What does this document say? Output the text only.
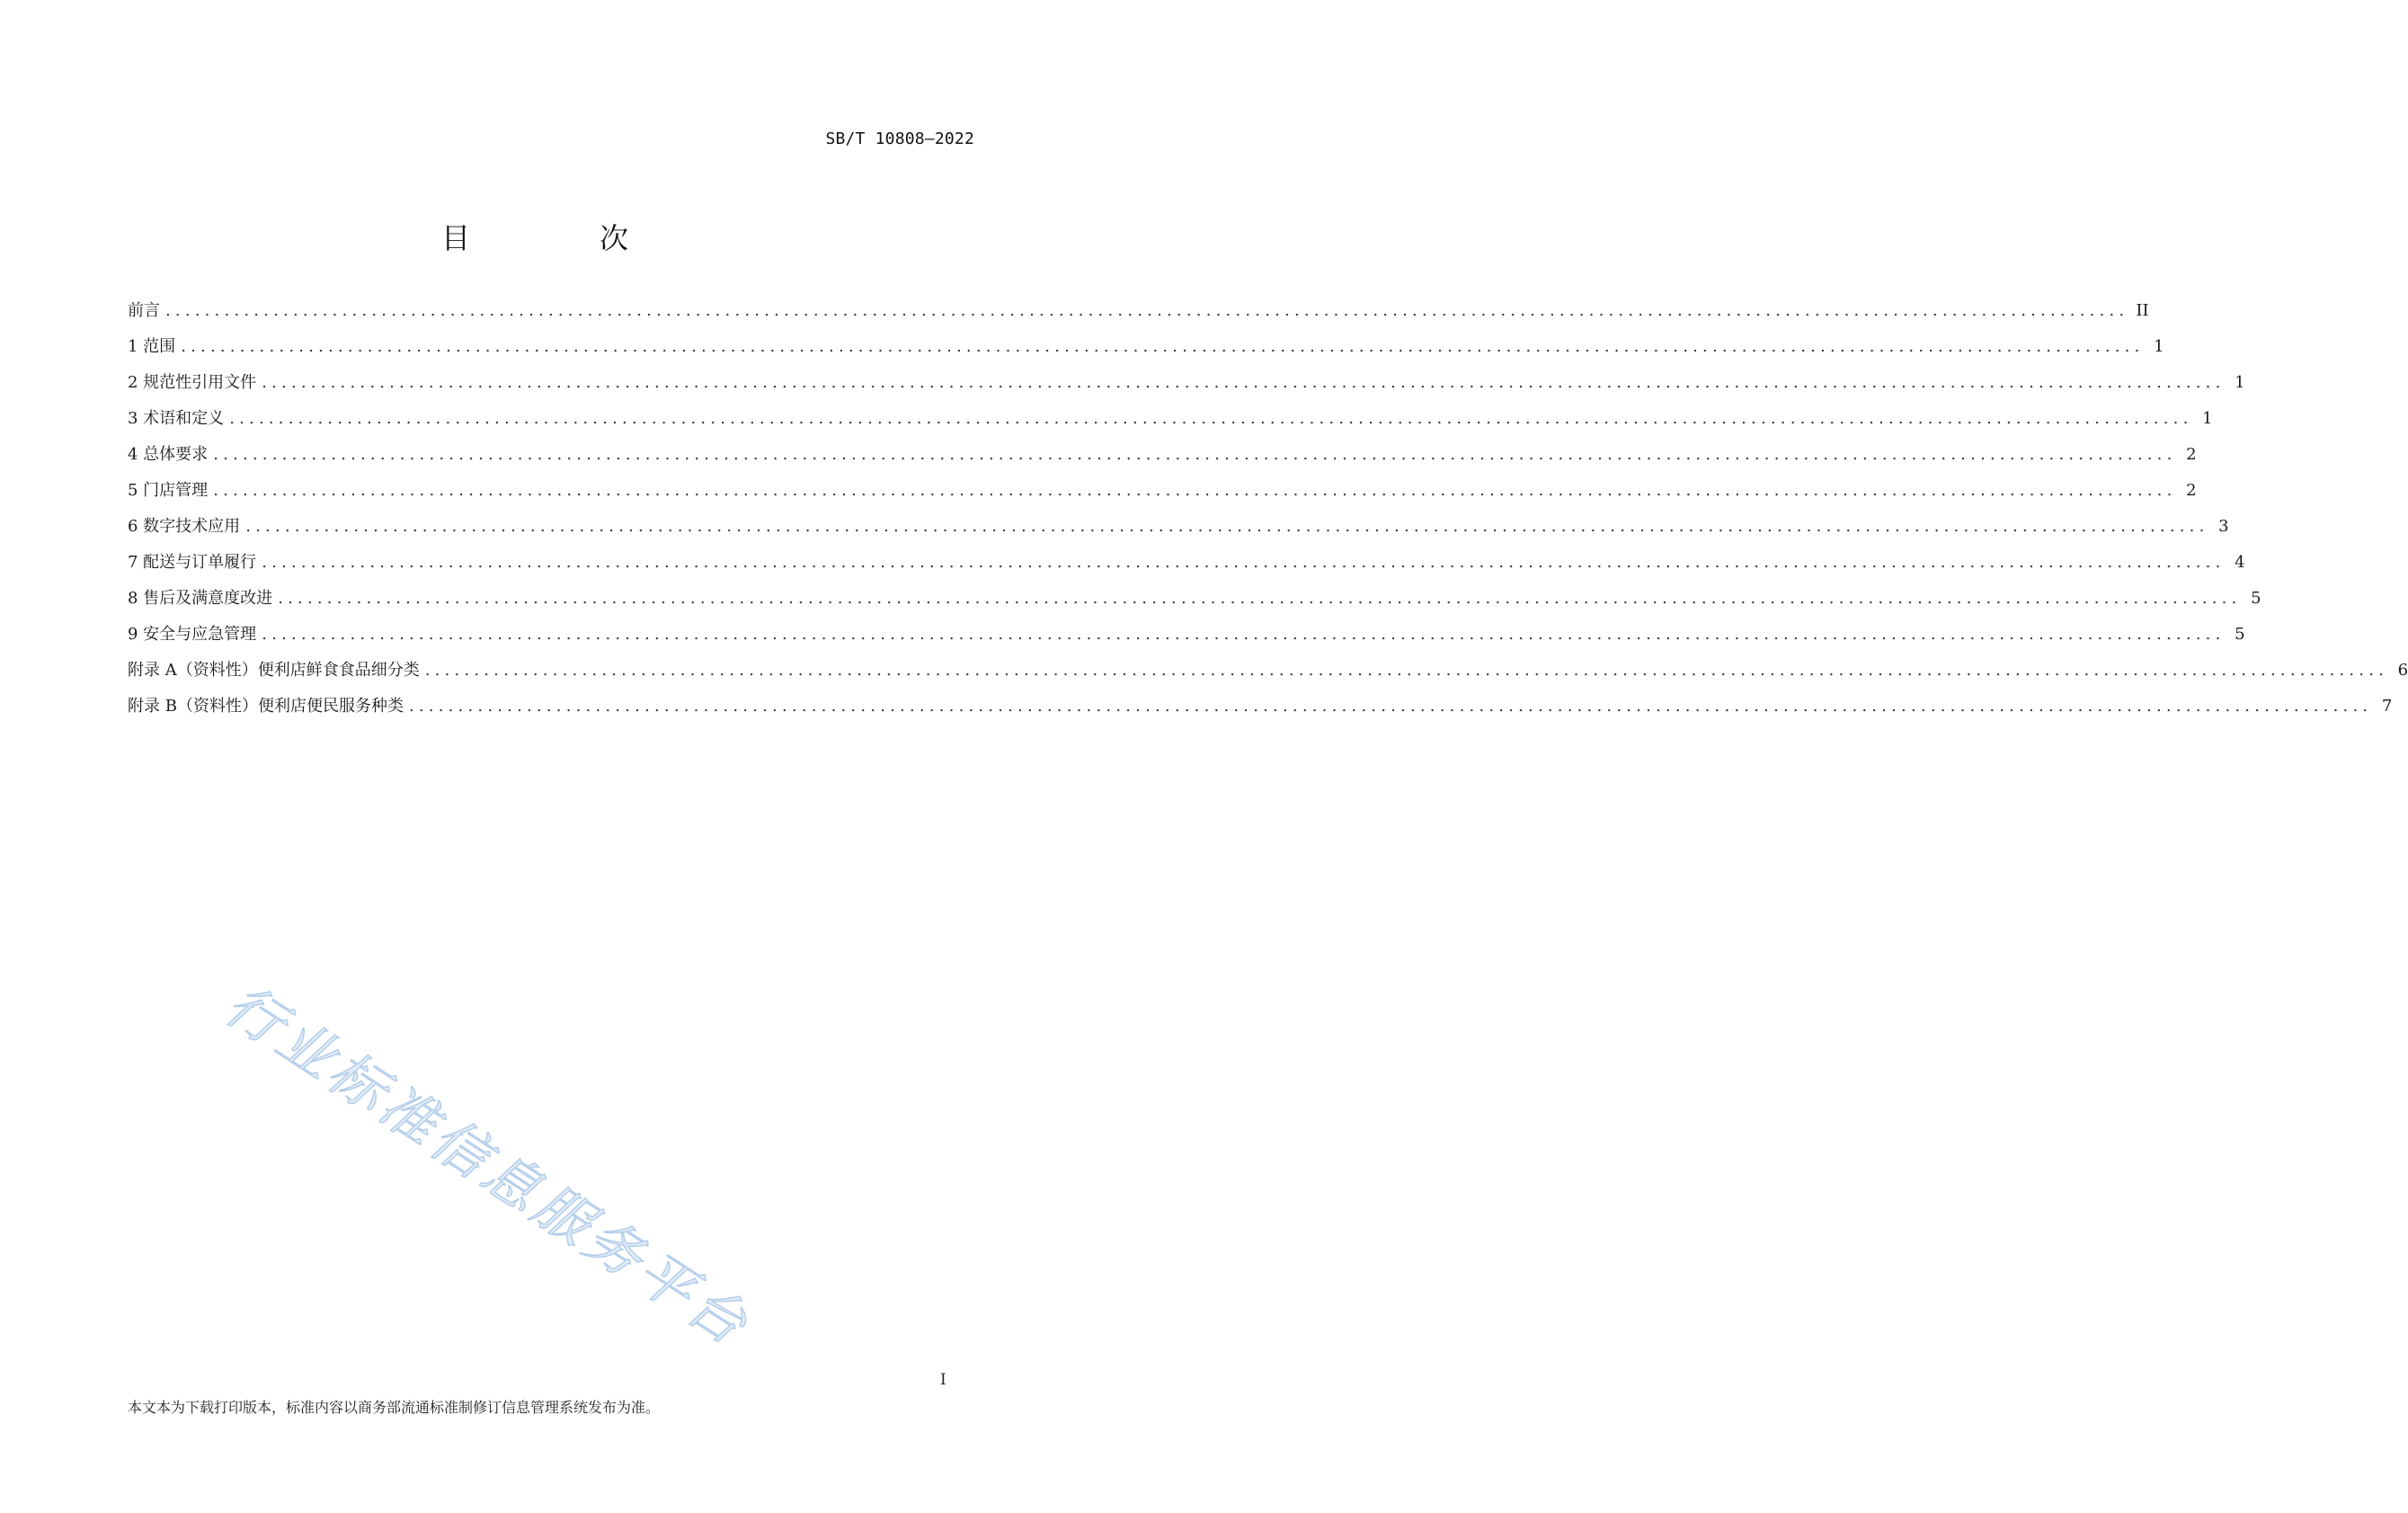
SB/T 10808—2022
目　次
前言 ........................................................................................................................................................................................................ II
1 范围 ........................................................................................................................................................................................................ 1
2 规范性引用文件 ........................................................................................................................................................................................................ 1
3 术语和定义 ........................................................................................................................................................................................................ 1
4 总体要求 ........................................................................................................................................................................................................ 2
5 门店管理 ........................................................................................................................................................................................................ 2
6 数字技术应用 ........................................................................................................................................................................................................ 3
7 配送与订单履行 ........................................................................................................................................................................................................ 4
8 售后及满意度改进 ........................................................................................................................................................................................................ 5
9 安全与应急管理 ........................................................................................................................................................................................................ 5
附录 A（资料性）便利店鲜食食品细分类 ........................................................................................................................................................................................................ 6
附录 B（资料性）便利店便民服务种类 ........................................................................................................................................................................................................ 7
行业标准信息服务平台
I
本文本为下载打印版本，标准内容以商务部流通标准制修订信息管理系统发布为准。
